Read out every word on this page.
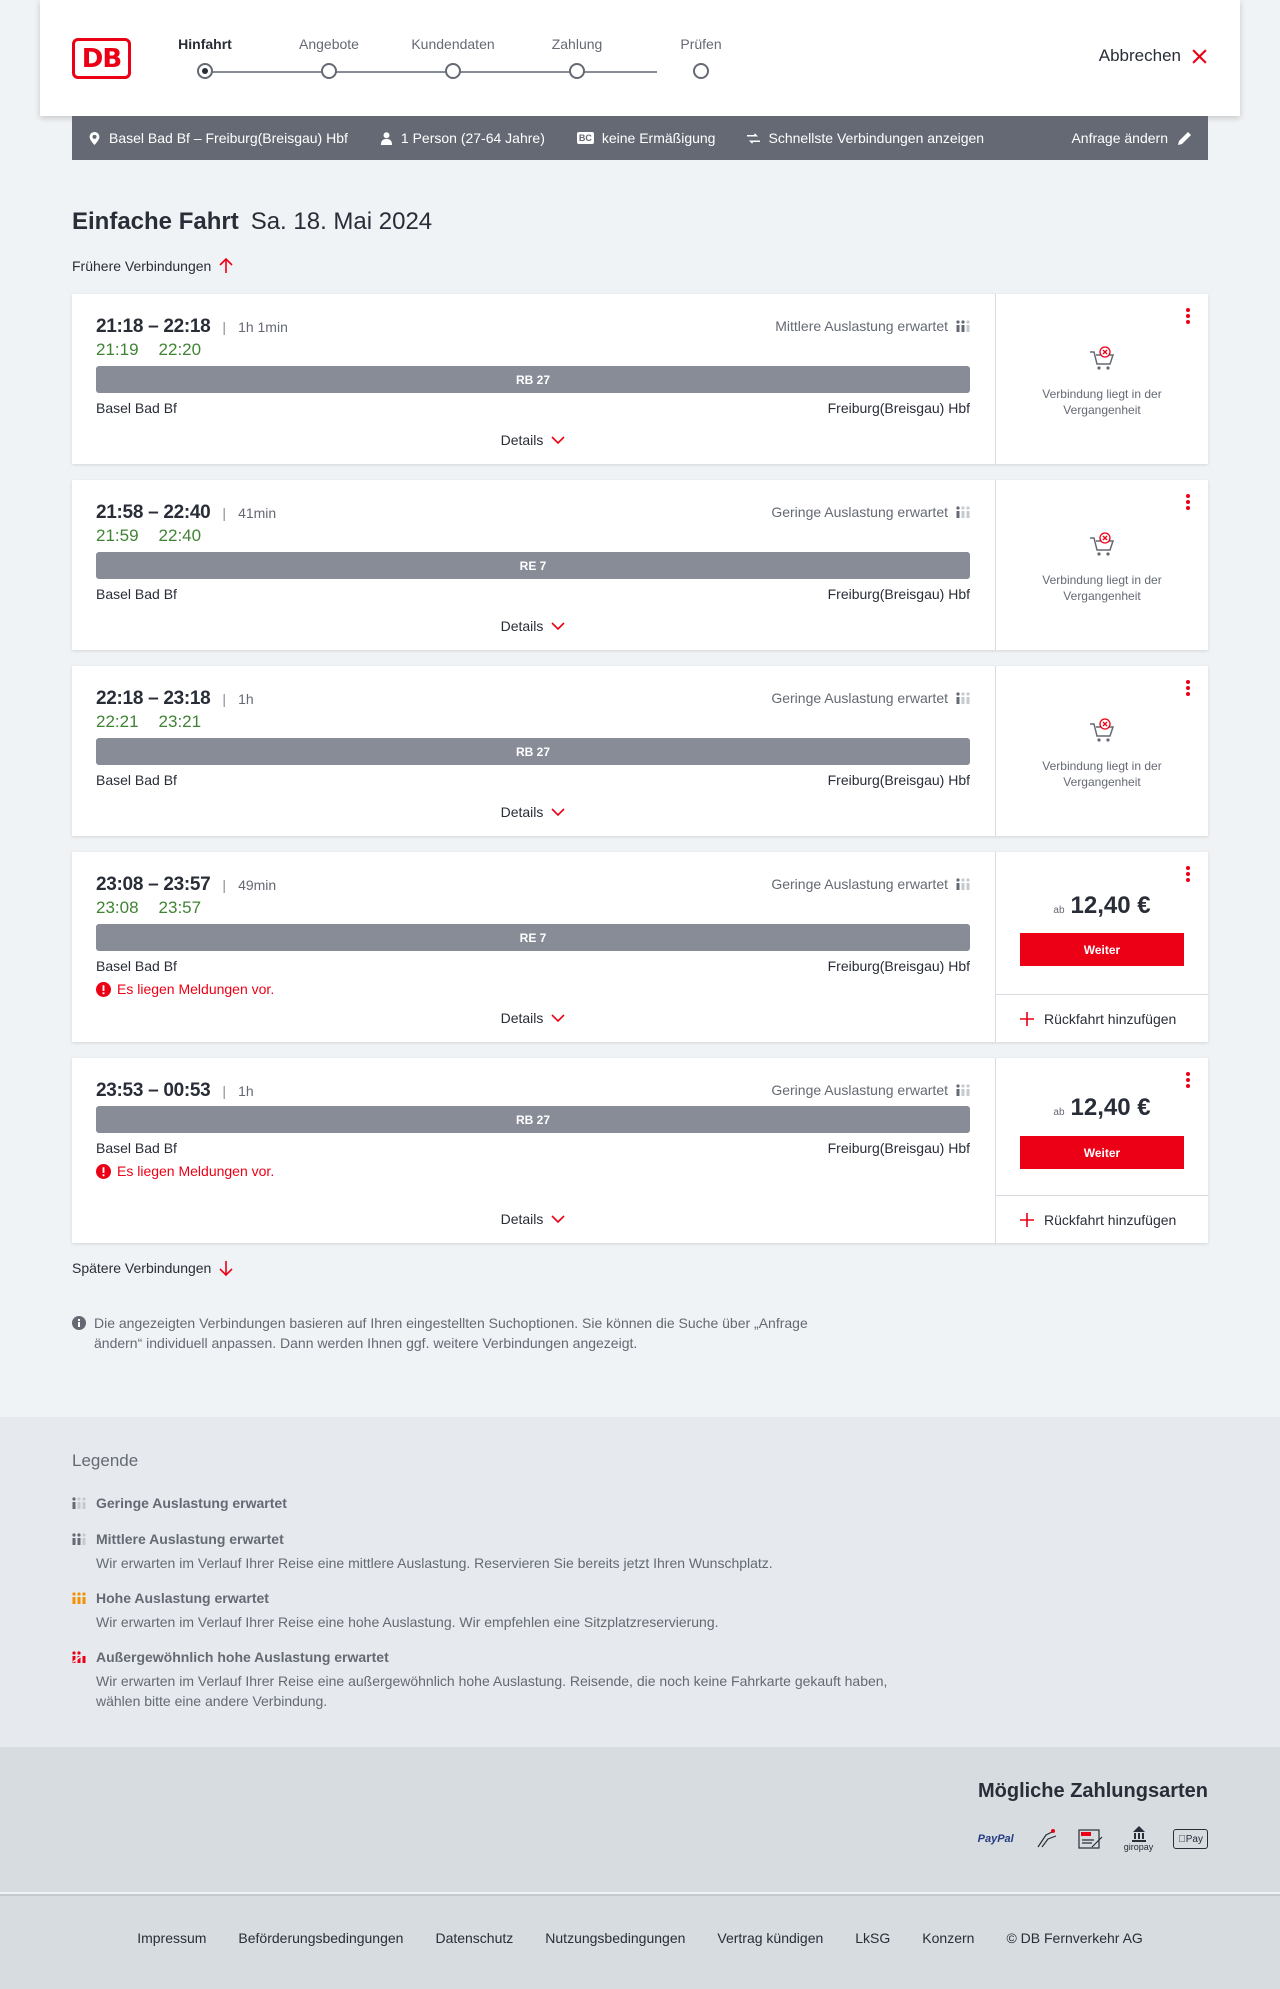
DB	Hinfahrt	Angebote	Kundendaten	Zahlung	Prüfen
Abbrechen
Basel Bad Bf – Freiburg(Breisgau) Hbf	1 Person (27-64 Jahre)	BC keine Ermäßigung	Schnellste Verbindungen anzeigen	Anfrage ändern
Einfache Fahrt Sa. 18. Mai 2024
Frühere Verbindungen
21:18 – 22:18 | 1h 1min
21:19 22:20
Mittlere Auslastung erwartet
RB 27
Basel Bad Bf	Freiburg(Breisgau) Hbf
Details

Verbindung liegt in der Vergangenheit

21:58 – 22:40 | 41min
21:59 22:40
Geringe Auslastung erwartet
RE 7
Basel Bad Bf	Freiburg(Breisgau) Hbf
Details

Verbindung liegt in der Vergangenheit

22:18 – 23:18 | 1h
22:21 23:21
Geringe Auslastung erwartet
RB 27
Basel Bad Bf	Freiburg(Breisgau) Hbf
Details

Verbindung liegt in der Vergangenheit

23:08 – 23:57 | 49min
23:08 23:57
Geringe Auslastung erwartet
RE 7
Basel Bad Bf	Freiburg(Breisgau) Hbf
Es liegen Meldungen vor.
Details
ab 12,40 €
Weiter
Rückfahrt hinzufügen
23:53 – 00:53 | 1h	Geringe Auslastung erwartet
RB 27
Basel Bad Bf	Freiburg(Breisgau) Hbf
Es liegen Meldungen vor.
Details
ab 12,40 €
Weiter
Rückfahrt hinzufügen
Spätere Verbindungen
Die angezeigten Verbindungen basieren auf Ihren eingestellten Suchoptionen. Sie können die Suche über „Anfrage ändern“ individuell anpassen. Dann werden Ihnen ggf. weitere Verbindungen angezeigt.
Legende
Geringe Auslastung erwartet
Mittlere Auslastung erwartet
Wir erwarten im Verlauf Ihrer Reise eine mittlere Auslastung. Reservieren Sie bereits jetzt Ihren Wunschplatz.
Hohe Auslastung erwartet
Wir erwarten im Verlauf Ihrer Reise eine hohe Auslastung. Wir empfehlen eine Sitzplatzreservierung.
Außergewöhnlich hohe Auslastung erwartet
Wir erwarten im Verlauf Ihrer Reise eine außergewöhnlich hohe Auslastung. Reisende, die noch keine Fahrkarte gekauft haben, wählen bitte eine andere Verbindung.
Mögliche Zahlungsarten
PayPal
giropay
Pay
Impressum Beförderungsbedingungen Datenschutz Nutzungsbedingungen Vertrag kündigen LkSG Konzern © DB Fernverkehr AG
